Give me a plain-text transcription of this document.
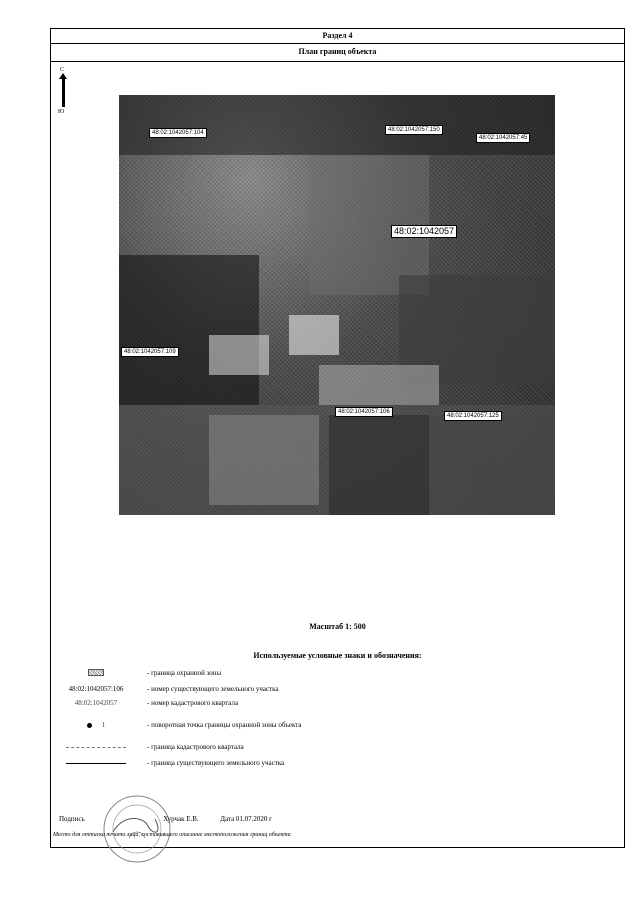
Раздел 4
План границ объекта
С
Ю
48:02:1042057:104	48:02:1042057:150
48:02:1042057:45
48:02:1042057
48:02:1042057:109
48:02:1042057:106
48:02:1042057:125
Масштаб 1: 500
Используемые условные знаки и обозначения:
- граница охранной зоны
48:02:1042057:106	- номер существующего земельного участка
48:02:1042057	- номер кадастрового квартала
1	- поворотная точка границы охранной зоны объекта
- граница кадастрового квартала
- граница существующего земельного участка
Подпись	Хурчак Е.В.	Дата 01.07.2020 г
Место для оттиска печати лица, составившего описание местоположения границ объекта
